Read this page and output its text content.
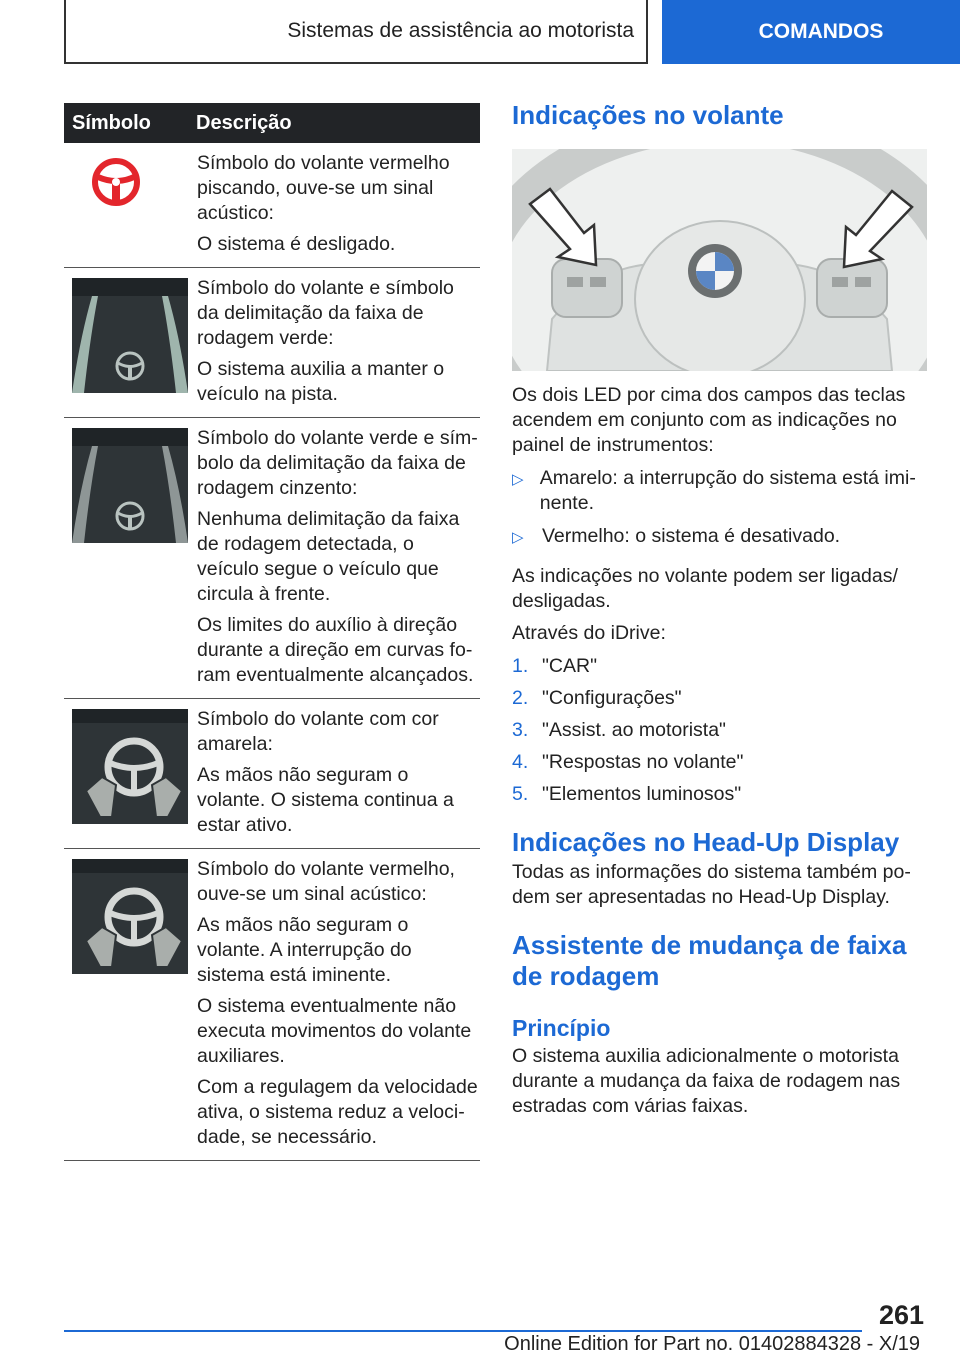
Sistemas de assistência ao motorista	COMANDOS
Símbolo	Descrição

Símbolo do volante vermelho piscando, ouve-se um sinal acústico:

O sistema é desligado.

Símbolo do volante e símbolo da delimitação da faixa de rodagem verde:

O sistema auxilia a manter o veículo na pista.

Símbolo do volante verde e símbolo da delimitação da faixa de rodagem cinzento:

Nenhuma delimitação da faixa de rodagem detectada, o veículo segue o veículo que circula à frente.

Os limites do auxílio à direção durante a direção em curvas foram eventualmente alcançados.

Símbolo do volante com cor amarela:

As mãos não seguram o volante. O sistema continua a estar ativo.

Símbolo do volante vermelho, ouve-se um sinal acústico:

As mãos não seguram o volante. A interrupção do sistema está iminente.

O sistema eventualmente não executa movimentos do volante auxiliares.

Com a regulagem da velocidade ativa, o sistema reduz a velocidade, se necessário.

Indicações no volante

Os dois LED por cima dos campos das teclas acendem em conjunto com as indicações no painel de instrumentos:

▷ Amarelo: a interrupção do sistema está iminente.
▷ Vermelho: o sistema é desativado.

As indicações no volante podem ser ligadas/ desligadas.

Através do iDrive:

1. "CAR"
2. "Configurações"
3. "Assist. ao motorista"
4. "Respostas no volante"
5. "Elementos luminosos"
Indicações no Head-Up Display

Todas as informações do sistema também podem ser apresentadas no Head-Up Display.

Assistente de mudança de faixa de rodagem
Princípio

O sistema auxilia adicionalmente o motorista durante a mudança da faixa de rodagem nas estradas com várias faixas.

261
Online Edition for Part no. 01402884328 - X/19
